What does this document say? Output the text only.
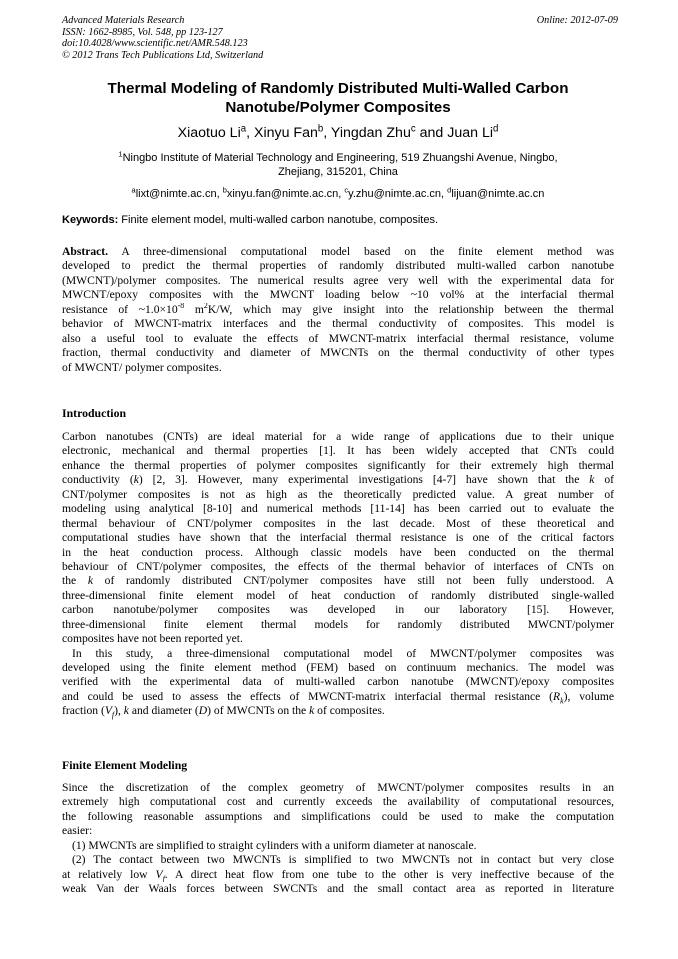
Advanced Materials Research	Online: 2012-07-09
ISSN: 1662-8985, Vol. 548, pp 123-127
doi:10.4028/www.scientific.net/AMR.548.123
© 2012 Trans Tech Publications Ltd, Switzerland
Thermal Modeling of Randomly Distributed Multi-Walled Carbon
Nanotube/Polymer Composites
Xiaotuo Li$^a$, Xinyu Fan$^b$, Yingdan Zhu$^c$ and Juan Li$^d$
$^1$Ningbo Institute of Material Technology and Engineering, 519 Zhuangshi Avenue, Ningbo,
Zhejiang, 315201, China
$^a$lixt@nimte.ac.cn, $^b$xinyu.fan@nimte.ac.cn, $^c$y.zhu@nimte.ac.cn, $^d$lijuan@nimte.ac.cn
Keywords: Finite element model, multi-walled carbon nanotube, composites.
Abstract. A three-dimensional computational model based on the finite element method was
developed to predict the thermal properties of randomly distributed multi-walled carbon nanotube
(MWCNT)/polymer composites. The numerical results agree very well with the experimental data for
MWCNT/epoxy composites with the MWCNT loading below ~10 vol% at the interfacial thermal
resistance of $\sim 1.0\times 10^{-8}$ $m^2K/W$, which may give insight into the relationship between the thermal
behavior of MWCNT-matrix interfaces and the thermal conductivity of composites. This model is
also a useful tool to evaluate the effects of MWCNT-matrix interfacial thermal resistance, volume
fraction, thermal conductivity and diameter of MWCNTs on the thermal conductivity of other types
of MWCNT/ polymer composites.
Introduction
Carbon nanotubes (CNTs) are ideal material for a wide range of applications due to their unique
electronic, mechanical and thermal properties [1]. It has been widely accepted that CNTs could
enhance the thermal properties of polymer composites significantly for their extremely high thermal
conductivity (k) [2, 3]. However, many experimental investigations [4-7] have shown that the k of
CNT/polymer composites is not as high as the theoretically predicted value. A great number of
modeling using analytical [8-10] and numerical methods [11-14] has been carried out to evaluate the
thermal behaviour of CNT/polymer composites in the last decade. Most of these theoretical and
computational studies have shown that the interfacial thermal resistance is one of the critical factors
in the heat conduction process. Although classic models have been conducted on the thermal
behaviour of CNT/polymer composites, the effects of the thermal behavior of interfaces of CNTs on
the k of randomly distributed CNT/polymer composites have still not been fully understood. A
three-dimensional finite element model of heat conduction of randomly distributed single-walled
carbon nanotube/polymer composites was developed in our laboratory [15]. However,
three-dimensional finite element thermal models for randomly distributed MWCNT/polymer
composites have not been reported yet.
In this study, a three-dimensional computational model of MWCNT/polymer composites was
developed using the finite element method (FEM) based on continuum mechanics. The model was
verified with the experimental data of multi-walled carbon nanotube (MWCNT)/epoxy composites
and could be used to assess the effects of MWCNT-matrix interfacial thermal resistance $(R_k)$, volume
fraction $(V_f)$, k and diameter (D) of MWCNTs on the k of composites.
Finite Element Modeling
Since the discretization of the complex geometry of MWCNT/polymer composites results in an
extremely high computational cost and currently exceeds the availability of computational resources,
the following reasonable assumptions and simplifications could be used to make the computation
easier:
(1) MWCNTs are simplified to straight cylinders with a uniform diameter at nanoscale.
(2) The contact between two MWCNTs is simplified to two MWCNTs not in contact but very close
at relatively low $V_f$. A direct heat flow from one tube to the other is very ineffective because of the
weak Van der Waals forces between SWCNTs and the small contact area as reported in literature
